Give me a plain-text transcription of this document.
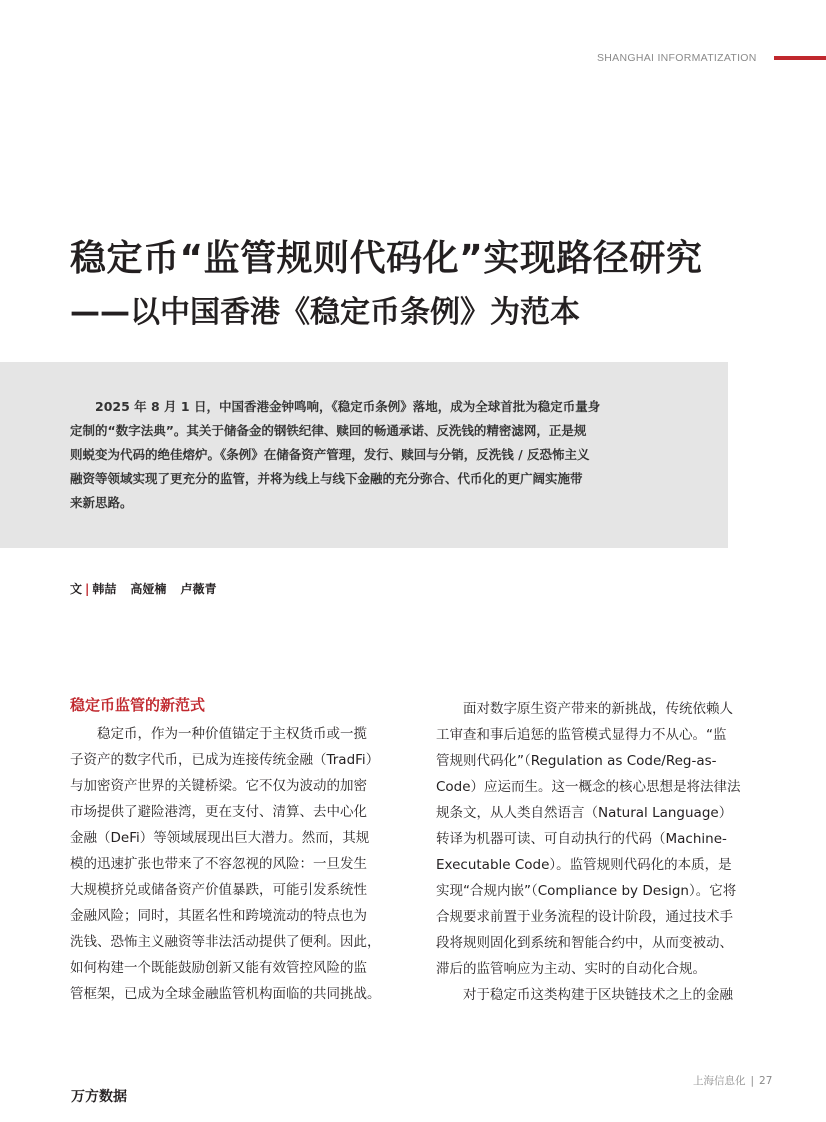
SHANGHAI INFORMATIZATION
稳定币“监管规则代码化”实现路径研究
——以中国香港《稳定币条例》为范本
2025 年 8 月 1 日，中国香港金钟鸣响，《稳定币条例》落地，成为全球首批为稳定币量身
定制的“数字法典”。其关于储备金的钢铁纪律、赎回的畅通承诺、反洗钱的精密滤网，正是规
则蜕变为代码的绝佳熔炉。《条例》在储备资产管理，发行、赎回与分销，反洗钱 / 反恐怖主义
融资等领域实现了更充分的监管，并将为线上与线下金融的充分弥合、代币化的更广阔实施带
来新思路。
文 | 韩喆 高娅楠 卢薇青
稳定币监管的新范式
稳定币，作为一种价值锚定于主权货币或一揽
子资产的数字代币，已成为连接传统金融（TradFi）
与加密资产世界的关键桥梁。它不仅为波动的加密
市场提供了避险港湾，更在支付、清算、去中心化
金融（DeFi）等领域展现出巨大潜力。然而，其规
模的迅速扩张也带来了不容忽视的风险：一旦发生
大规模挤兑或储备资产价值暴跌，可能引发系统性
金融风险；同时，其匿名性和跨境流动的特点也为
洗钱、恐怖主义融资等非法活动提供了便利。因此，
如何构建一个既能鼓励创新又能有效管控风险的监
管框架，已成为全球金融监管机构面临的共同挑战。
面对数字原生资产带来的新挑战，传统依赖人
工审查和事后追惩的监管模式显得力不从心。“监
管规则代码化”（Regulation as Code/Reg-as-
Code）应运而生。这一概念的核心思想是将法律法
规条文，从人类自然语言（Natural Language）
转译为机器可读、可自动执行的代码（Machine-
Executable Code）。监管规则代码化的本质，是
实现“合规内嵌”（Compliance by Design）。它将
合规要求前置于业务流程的设计阶段，通过技术手
段将规则固化到系统和智能合约中，从而变被动、
滞后的监管响应为主动、实时的自动化合规。
对于稳定币这类构建于区块链技术之上的金融
上海信息化 | 27
万方数据
